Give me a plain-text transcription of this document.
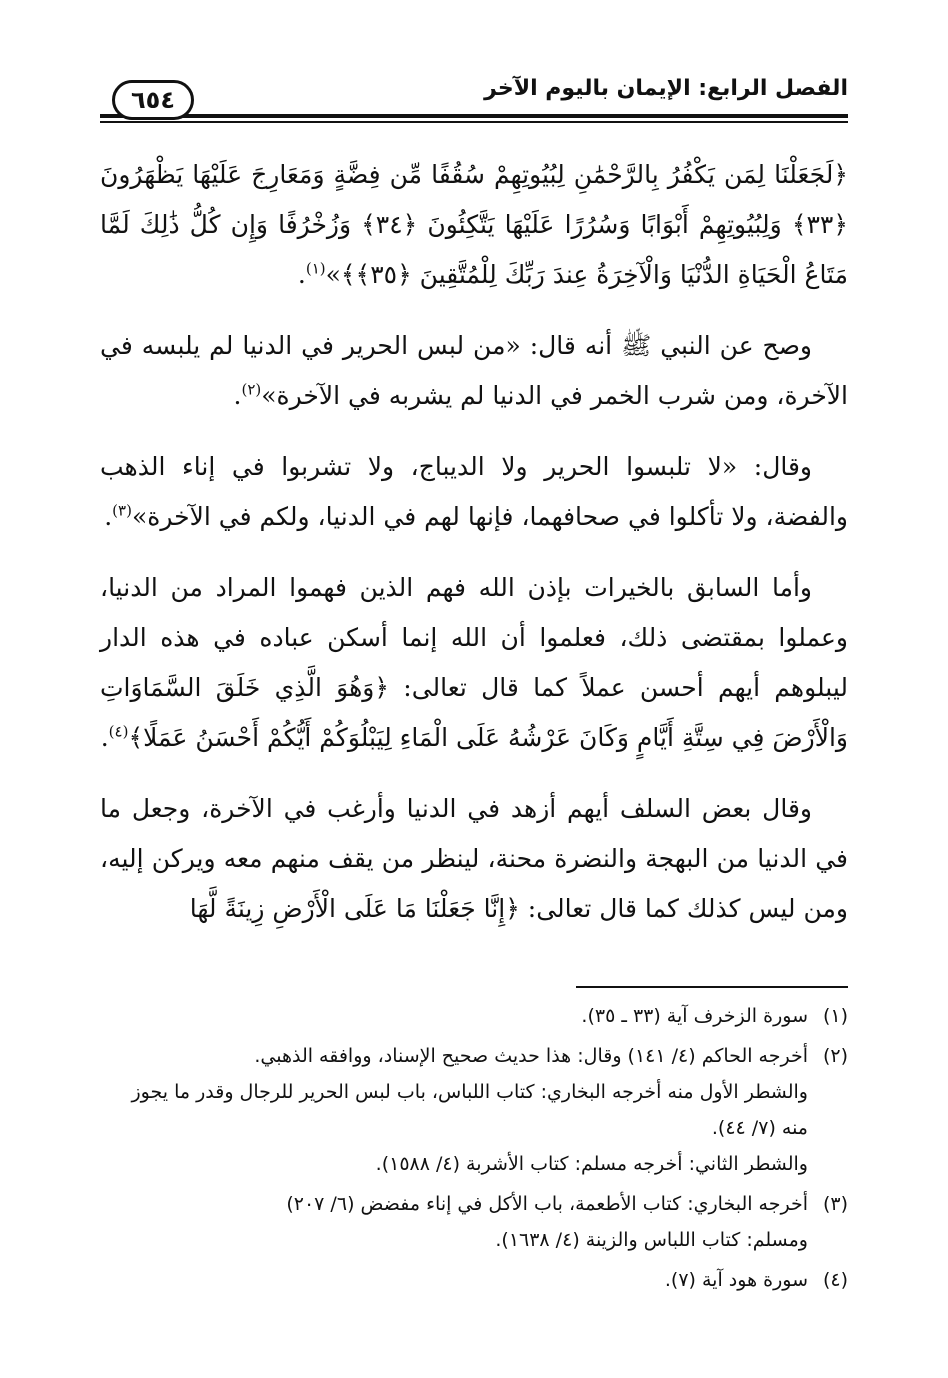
الفصل الرابع: الإيمان باليوم الآخر
٦٥٤

﴿لَجَعَلْنَا لِمَن يَكْفُرُ بِالرَّحْمَٰنِ لِبُيُوتِهِمْ سُقُفًا مِّن فِضَّةٍ وَمَعَارِجَ عَلَيْهَا يَظْهَرُونَ ﴿٣٣﴾ وَلِبُيُوتِهِمْ أَبْوَابًا وَسُرُرًا عَلَيْهَا يَتَّكِئُونَ ﴿٣٤﴾ وَزُخْرُفًا وَإِن كُلُّ ذَٰلِكَ لَمَّا مَتَاعُ الْحَيَاةِ الدُّنْيَا وَالْآخِرَةُ عِندَ رَبِّكَ لِلْمُتَّقِينَ ﴿٣٥﴾﴾»$^{(١)}$.

وصح عن النبي ﷺ أنه قال: «من لبس الحرير في الدنيا لم يلبسه في الآخرة، ومن شرب الخمر في الدنيا لم يشربه في الآخرة»$^{(٢)}$.

وقال: «لا تلبسوا الحرير ولا الديباج، ولا تشربوا في إناء الذهب والفضة، ولا تأكلوا في صحافهما، فإنها لهم في الدنيا، ولكم في الآخرة»$^{(٣)}$.

وأما السابق بالخيرات بإذن الله فهم الذين فهموا المراد من الدنيا، وعملوا بمقتضى ذلك، فعلموا أن الله إنما أسكن عباده في هذه الدار ليبلوهم أيهم أحسن عملاً كما قال تعالى: ﴿وَهُوَ الَّذِي خَلَقَ السَّمَاوَاتِ وَالْأَرْضَ فِي سِتَّةِ أَيَّامٍ وَكَانَ عَرْشُهُ عَلَى الْمَاءِ لِيَبْلُوَكُمْ أَيُّكُمْ أَحْسَنُ عَمَلًا﴾$^{(٤)}$.

وقال بعض السلف أيهم أزهد في الدنيا وأرغب في الآخرة، وجعل ما في الدنيا من البهجة والنضرة محنة، لينظر من يقف منهم معه ويركن إليه، ومن ليس كذلك كما قال تعالى: ﴿إِنَّا جَعَلْنَا مَا عَلَى الْأَرْضِ زِينَةً لَّهَا

(١)
سورة الزخرف آية (٣٣ ـ ٣٥).
(٢)
أخرجه الحاكم (٤/ ١٤١) وقال: هذا حديث صحيح الإسناد، ووافقه الذهبي.
والشطر الأول منه أخرجه البخاري: كتاب اللباس، باب لبس الحرير للرجال وقدر ما يجوز منه (٧/ ٤٤).
والشطر الثاني: أخرجه مسلم: كتاب الأشربة (٤/ ١٥٨٨).
(٣)
أخرجه البخاري: كتاب الأطعمة، باب الأكل في إناء مفضض (٦/ ٢٠٧)
ومسلم: كتاب اللباس والزينة (٤/ ١٦٣٨).
(٤)
سورة هود آية (٧).
